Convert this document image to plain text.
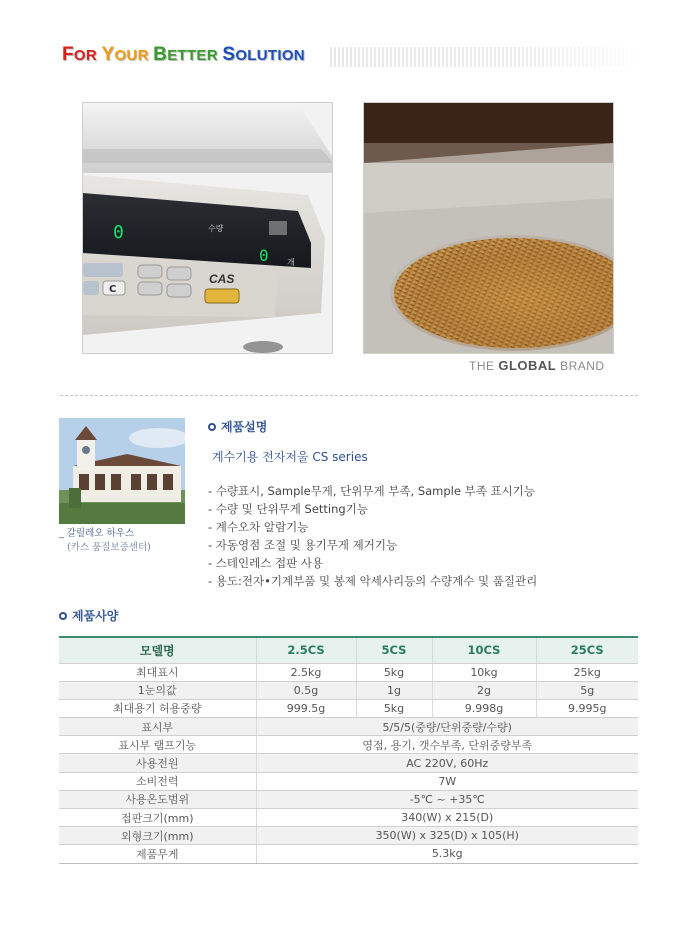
FOR YOUR BETTER SOLUTION
0
0
수량
개
C
CAS
THE GLOBAL BRAND
_ 갈릴레오 하우스
(카스 품질보증센터)
제품설명
계수기용 전자저울 CS series
- 수량표시, Sample무게, 단위무게 부족, Sample 부족 표시기능
- 수량 및 단위무게 Setting기능
- 계수오차 알람기능
- 자동영점 조절 및 용기무게 제거기능
- 스테인레스 접판 사용
- 용도:전자•기계부품 및 봉제 악세사리등의 수량계수 및 품질관리
제품사양
모델명	2.5CS	5CS	10CS	25CS
최대표시	2.5kg	5kg	10kg	25kg
1눈의값	0.5g	1g	2g	5g
최대용기 허용중량	999.5g	5kg	9.998g	9.995g
표시부	5/5/5(중량/단위중량/수량)			
표시부 램프기능	영점, 용기, 갯수부족, 단위중량부족			
사용전원	AC 220V, 60Hz			
소비전력	7W			
사용온도범위	-5℃ ~ +35℃			
접판크기(mm)	340(W) x 215(D)			
외형크기(mm)	350(W) x 325(D) x 105(H)			
제품무게	5.3kg			
